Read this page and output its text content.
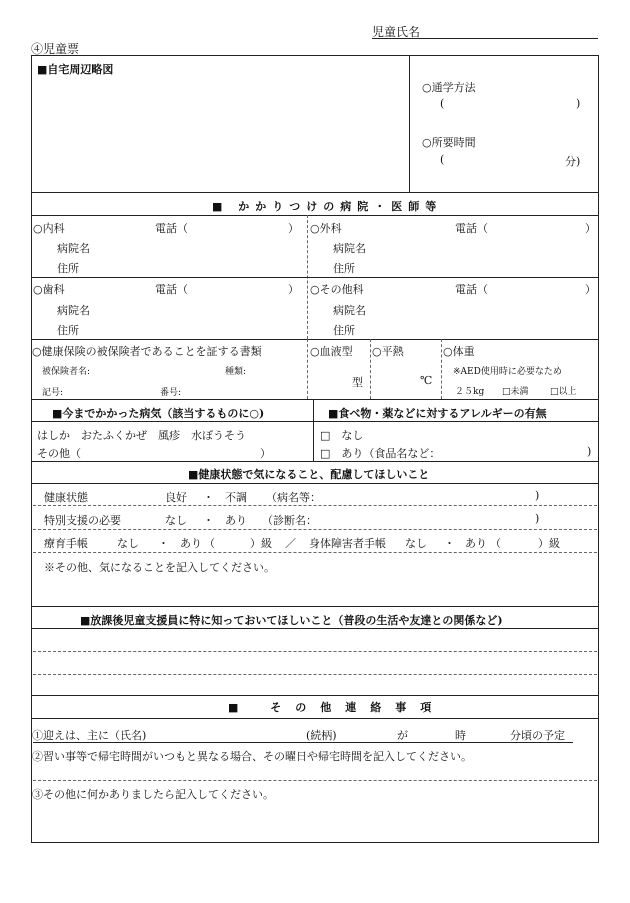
児童氏名
④児童票
■自宅周辺略図
○通学方法
(	)
○所要時間
(	分)
■ かかりつけの病院・医師等
○内科	電話（	）
病院名
住所
○外科	電話（	）
病院名
住所
○歯科	電話（	）
病院名
住所
○その他科	電話（	）
病院名
住所
○健康保険の被保険者であることを証する書類
被保険者名:	種類:
記号:	番号:
○血液型
型
○平熱
℃
○体重
※AED使用時に必要なため
２５kg □未満 □以上
■今までかかった病気（該当するものに○)	■食べ物・薬などに対するアレルギーの有無
はしか　おたふくかぜ　風疹　水ぼうそう
その他（	）
□　なし
□　あり（食品名など：	)
■健康状態で気になること、配慮してほしいこと
健康状態	良好 ・ 不調 （病名等：	)
特別支援の必要	なし ・ あり （診断名：	)
療育手帳	なし ・ あり （	）級 ／ 身体障害者手帳 なし ・ あり （	）級
※その他、気になることを記入してください。
■放課後児童支援員に特に知っておいてほしいこと（普段の生活や友達との関係など)
■ その他連絡事項
①迎えは、主に（氏名)	(続柄)	が	時	分頃の予定
②習い事等で帰宅時間がいつもと異なる場合、その曜日や帰宅時間を記入してください。
③その他に何かありましたら記入してください。
